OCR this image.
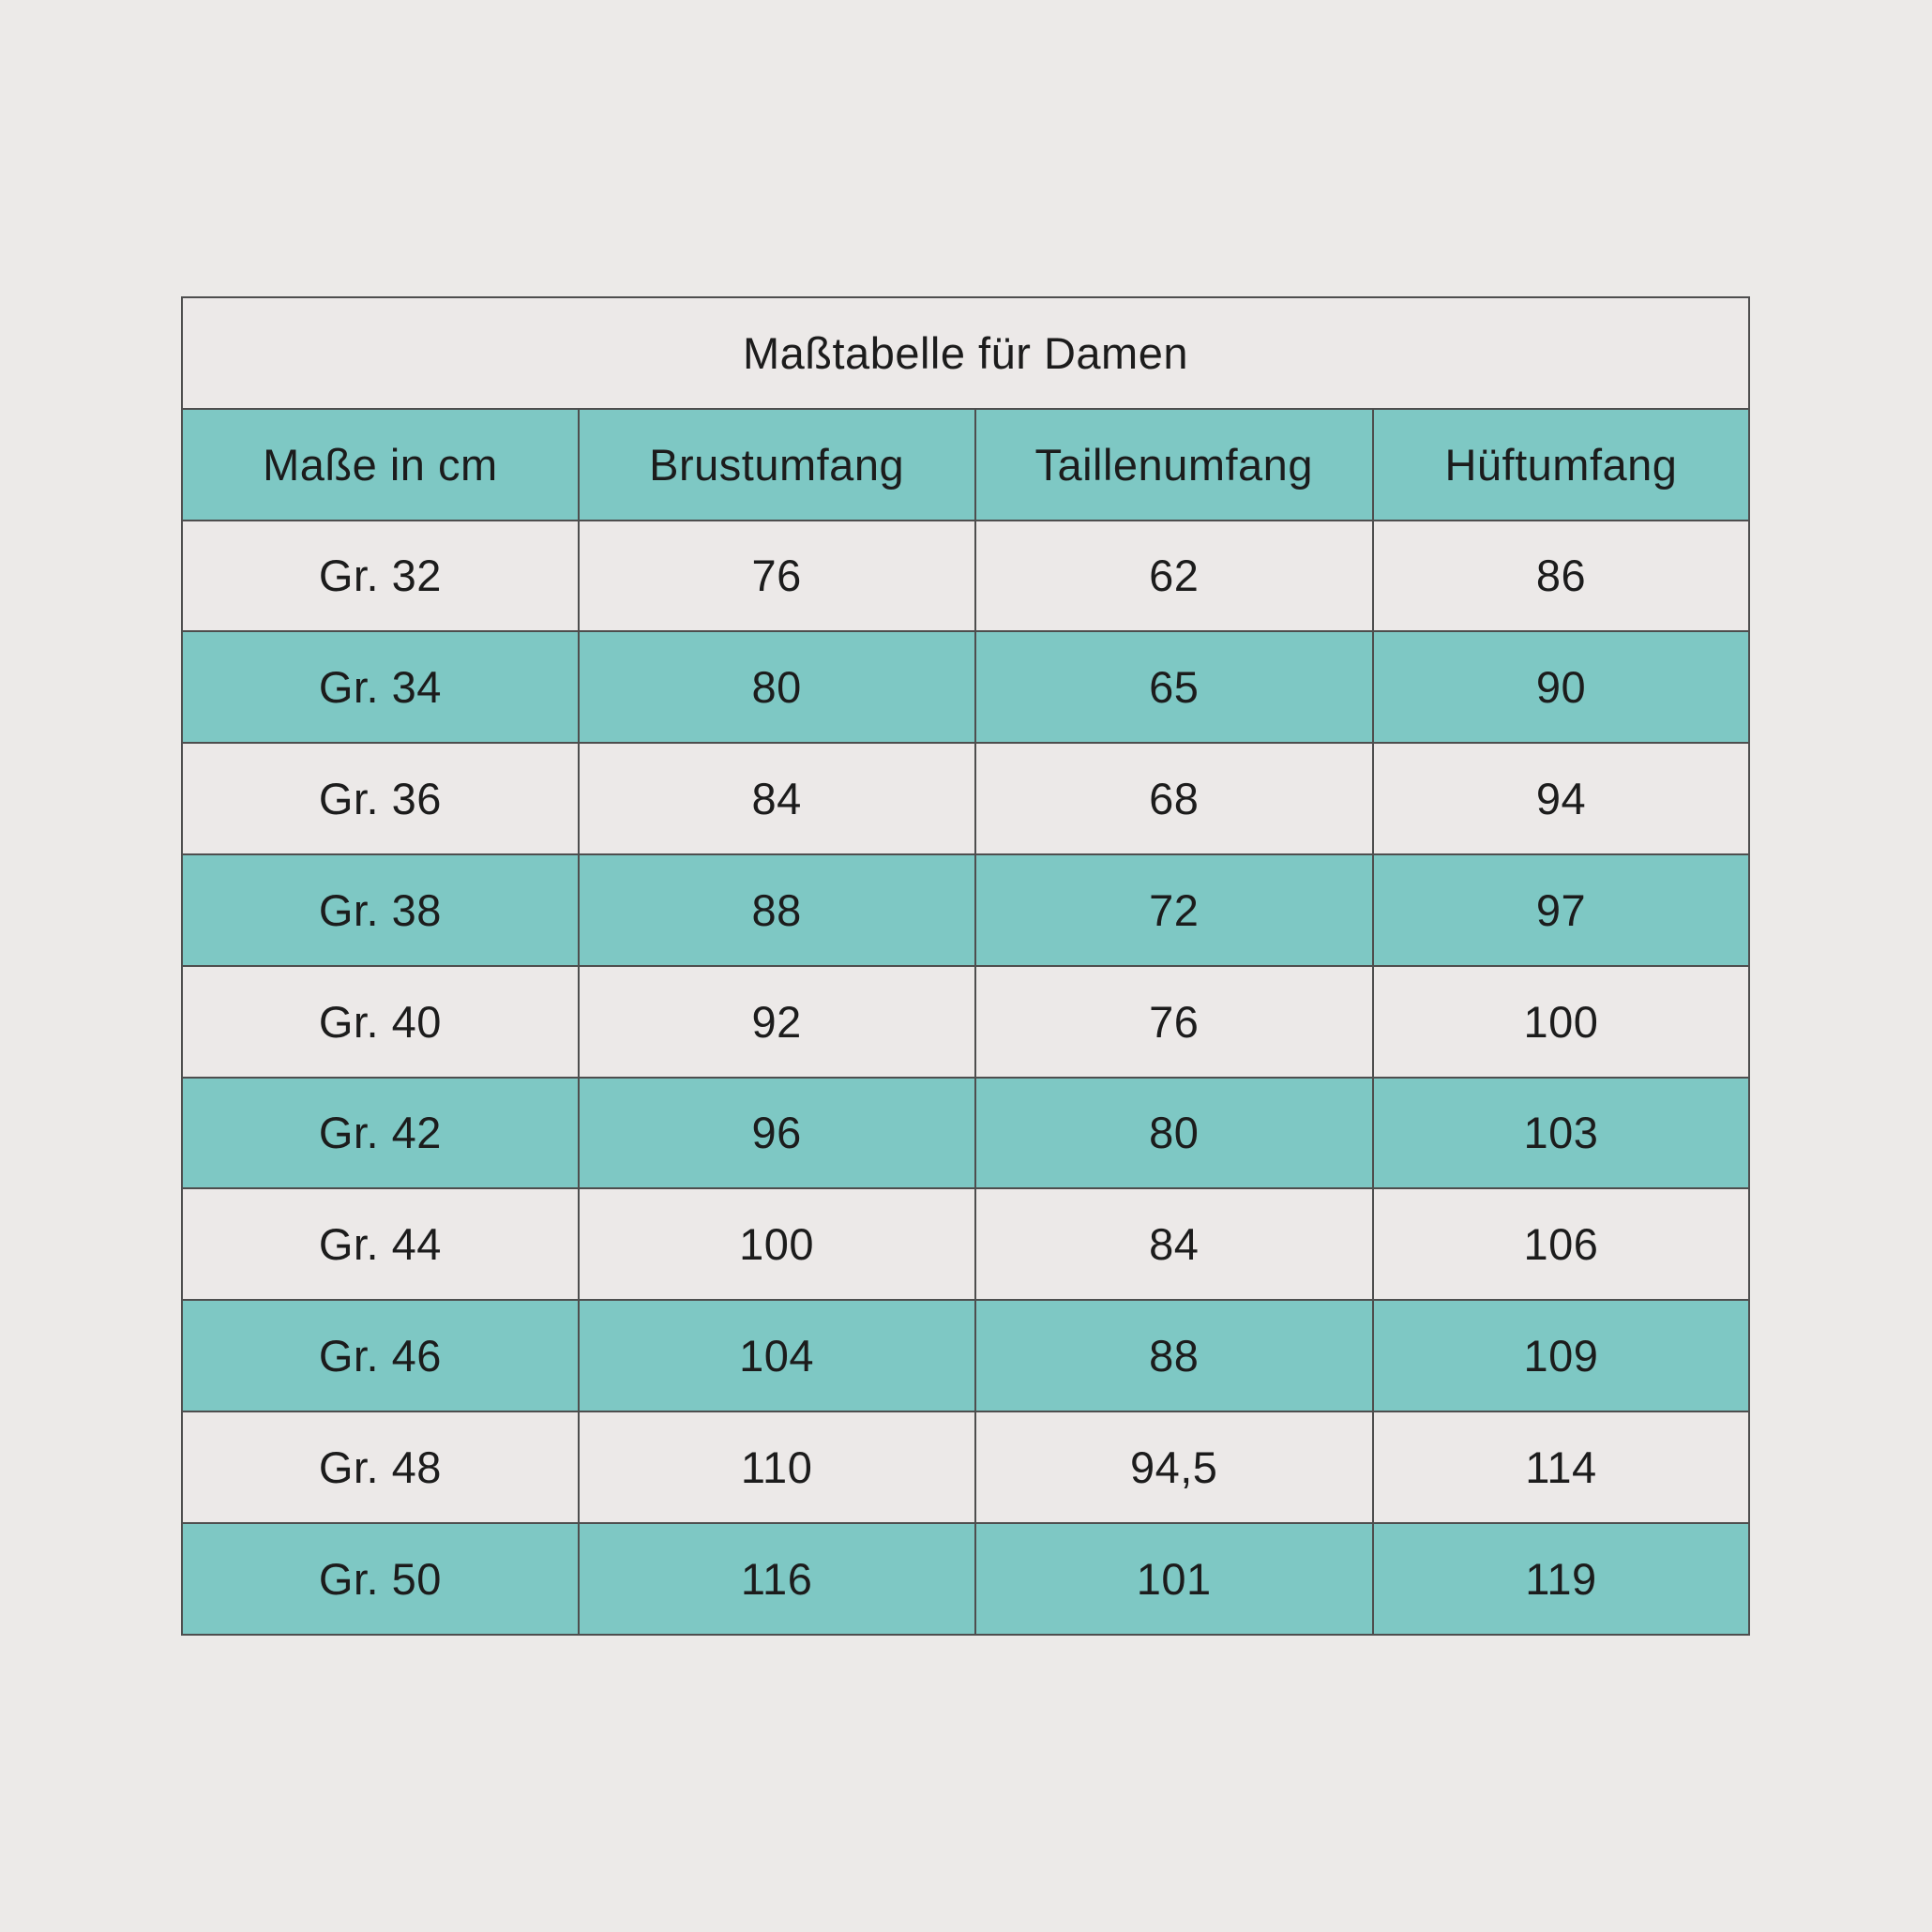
Maßtabelle für Damen			
Maße in cm	Brustumfang	Taillenumfang	Hüftumfang
Gr. 32	76	62	86
Gr. 34	80	65	90
Gr. 36	84	68	94
Gr. 38	88	72	97
Gr. 40	92	76	100
Gr. 42	96	80	103
Gr. 44	100	84	106
Gr. 46	104	88	109
Gr. 48	110	94,5	114
Gr. 50	116	101	119
